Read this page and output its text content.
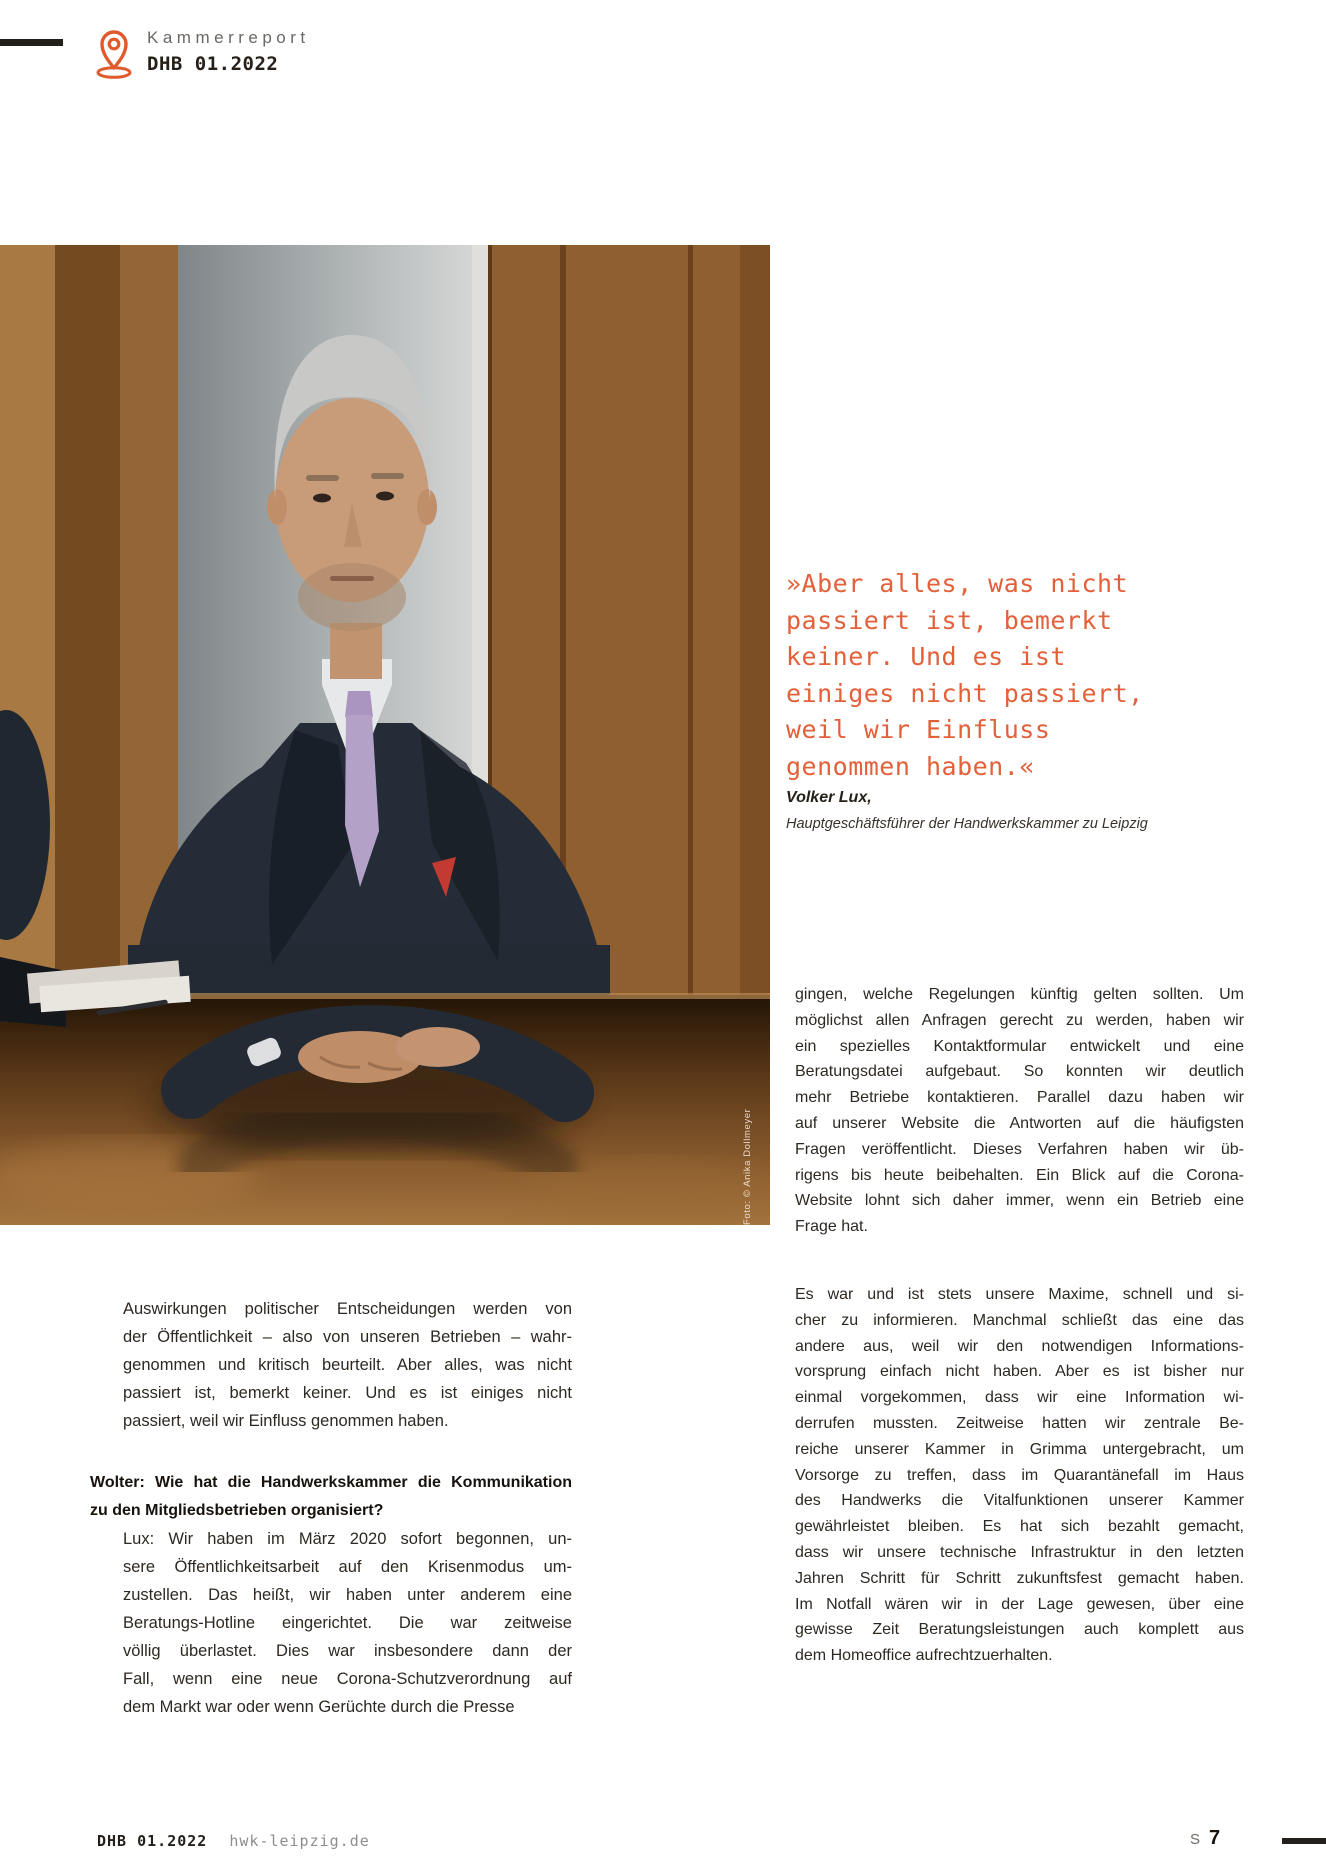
Kammerreport
DHB 01.2022
Foto: © Anika Dollmeyer
»Aber alles, was nicht
passiert ist, bemerkt
keiner. Und es ist
einiges nicht passiert,
weil wir Einfluss
genommen haben.«
Volker Lux,
Hauptgeschäftsführer der Handwerkskammer zu Leipzig
Auswirkungen politischer Entscheidungen werden von
der Öffentlichkeit – also von unseren Betrieben – wahr-
genommen und kritisch beurteilt. Aber alles, was nicht
passiert ist, bemerkt keiner. Und es ist einiges nicht
passiert, weil wir Einfluss genommen haben.
Wolter: Wie hat die Handwerkskammer die Kommunikation
zu den Mitgliedsbetrieben organisiert?
Lux: Wir haben im März 2020 sofort begonnen, un-
sere Öffentlichkeitsarbeit auf den Krisenmodus um-
zustellen. Das heißt, wir haben unter anderem eine
Beratungs-Hotline eingerichtet. Die war zeitweise
völlig überlastet. Dies war insbesondere dann der
Fall, wenn eine neue Corona-Schutzverordnung auf
dem Markt war oder wenn Gerüchte durch die Presse
gingen, welche Regelungen künftig gelten sollten. Um
möglichst allen Anfragen gerecht zu werden, haben wir
ein spezielles Kontaktformular entwickelt und eine
Beratungsdatei aufgebaut. So konnten wir deutlich
mehr Betriebe kontaktieren. Parallel dazu haben wir
auf unserer Website die Antworten auf die häufigsten
Fragen veröffentlicht. Dieses Verfahren haben wir üb-
rigens bis heute beibehalten. Ein Blick auf die Corona-
Website lohnt sich daher immer, wenn ein Betrieb eine
Frage hat.
Es war und ist stets unsere Maxime, schnell und si-
cher zu informieren. Manchmal schließt das eine das
andere aus, weil wir den notwendigen Informations-
vorsprung einfach nicht haben. Aber es ist bisher nur
einmal vorgekommen, dass wir eine Information wi-
derrufen mussten. Zeitweise hatten wir zentrale Be-
reiche unserer Kammer in Grimma untergebracht, um
Vorsorge zu treffen, dass im Quarantänefall im Haus
des Handwerks die Vitalfunktionen unserer Kammer
gewährleistet bleiben. Es hat sich bezahlt gemacht,
dass wir unsere technische Infrastruktur in den letzten
Jahren Schritt für Schritt zukunftsfest gemacht haben.
Im Notfall wären wir in der Lage gewesen, über eine
gewisse Zeit Beratungsleistungen auch komplett aus
dem Homeoffice aufrechtzuerhalten.
DHB 01.2022 hwk-leipzig.de	S 7
